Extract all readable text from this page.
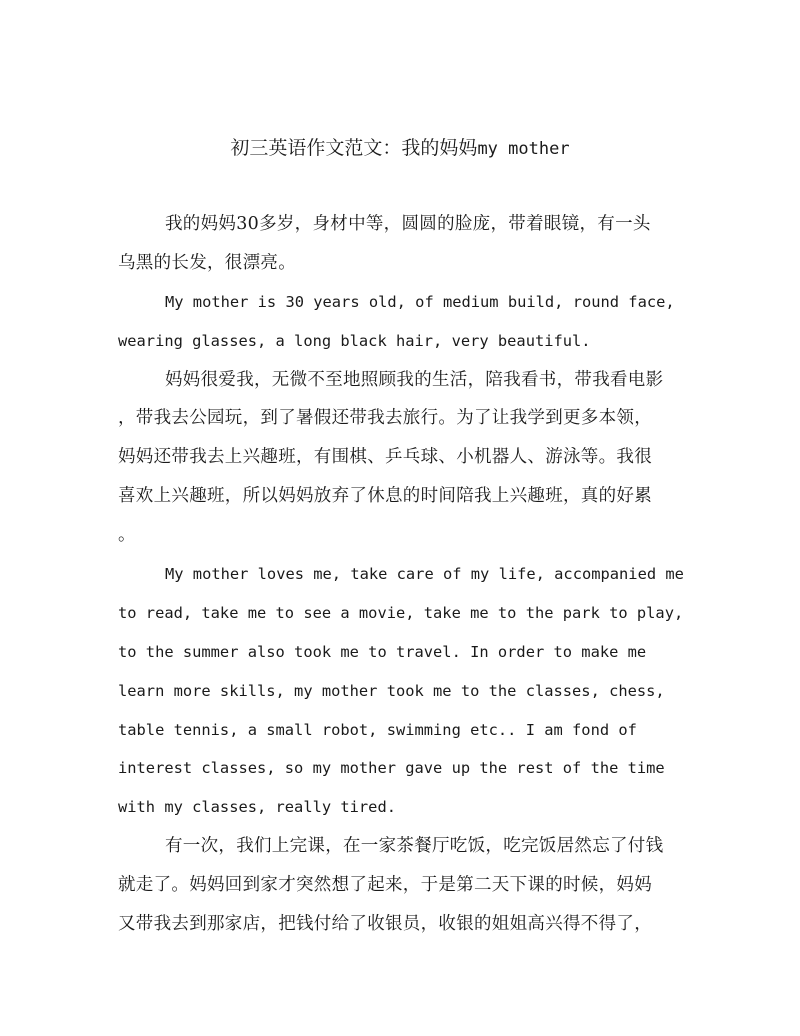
初三英语作文范文：我的妈妈my mother
我的妈妈30多岁，身材中等，圆圆的脸庞，带着眼镜，有一头
乌黑的长发，很漂亮。
My mother is 30 years old, of medium build, round face,
wearing glasses, a long black hair, very beautiful.
妈妈很爱我，无微不至地照顾我的生活，陪我看书，带我看电影
，带我去公园玩，到了暑假还带我去旅行。为了让我学到更多本领，
妈妈还带我去上兴趣班，有围棋、乒乓球、小机器人、游泳等。我很
喜欢上兴趣班，所以妈妈放弃了休息的时间陪我上兴趣班，真的好累
。
My mother loves me, take care of my life, accompanied me
to read, take me to see a movie, take me to the park to play,
to the summer also took me to travel. In order to make me
learn more skills, my mother took me to the classes, chess,
table tennis, a small robot, swimming etc.. I am fond of
interest classes, so my mother gave up the rest of the time
with my classes, really tired.
有一次，我们上完课，在一家茶餐厅吃饭，吃完饭居然忘了付钱
就走了。妈妈回到家才突然想了起来，于是第二天下课的时候，妈妈
又带我去到那家店，把钱付给了收银员，收银的姐姐高兴得不得了，
